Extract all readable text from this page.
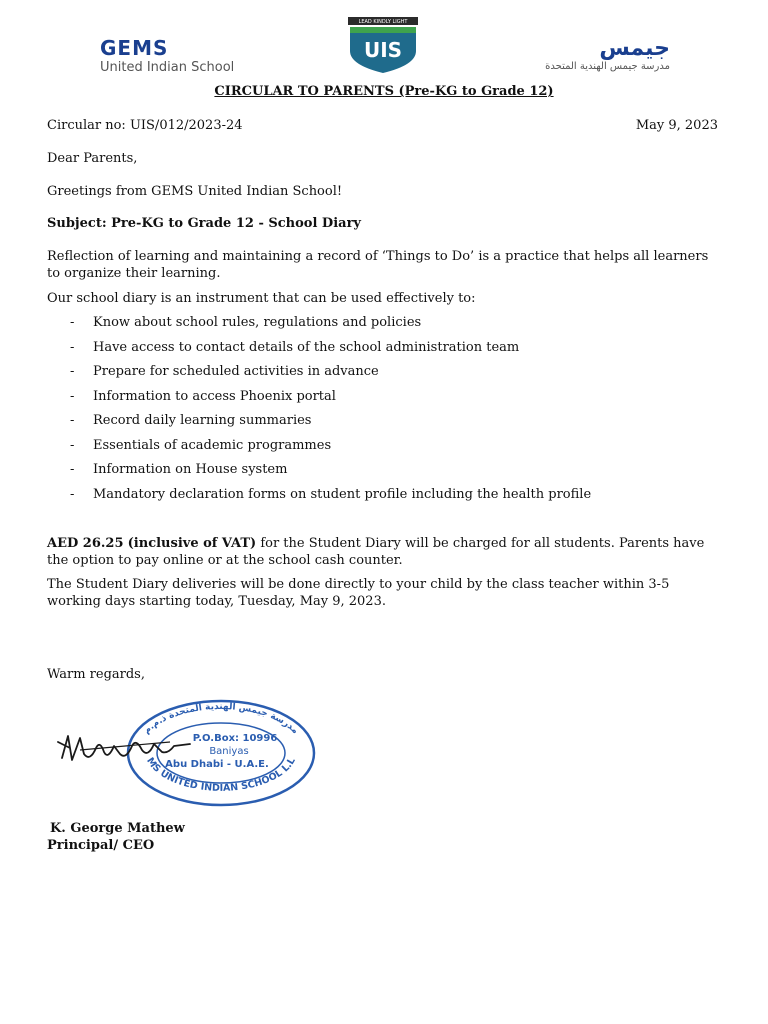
GEMS
United Indian School
LEAD KINDLY LIGHT
UIS	جيمس
مدرسة جيمس الهندية المتحدة
CIRCULAR TO PARENTS (Pre-KG to Grade 12)
Circular no: UIS/012/2023-24	May 9, 2023
Dear Parents,
Greetings from GEMS United Indian School!
Subject: Pre-KG to Grade 12 - School Diary
Reflection of learning and maintaining a record of ‘Things to Do’ is a practice that helps all learners to organize their learning.
Our school diary is an instrument that can be used effectively to:
- Know about school rules, regulations and policies
- Have access to contact details of the school administration team
- Prepare for scheduled activities in advance
- Information to access Phoenix portal
- Record daily learning summaries
- Essentials of academic programmes
- Information on House system
- Mandatory declaration forms on student profile including the health profile
AED 26.25 (inclusive of VAT) for the Student Diary will be charged for all students. Parents have the option to pay online or at the school cash counter.
The Student Diary deliveries will be done directly to your child by the class teacher within 3-5 working days starting today, Tuesday, May 9, 2023.
Warm regards,
مدرسة جيمس الهندية المتحدة ذ.م.م
MS UNITED INDIAN SCHOOL L.L
P.O.Box: 10996
Baniyas
Abu Dhabi - U.A.E.
K. George Mathew
Principal/ CEO
